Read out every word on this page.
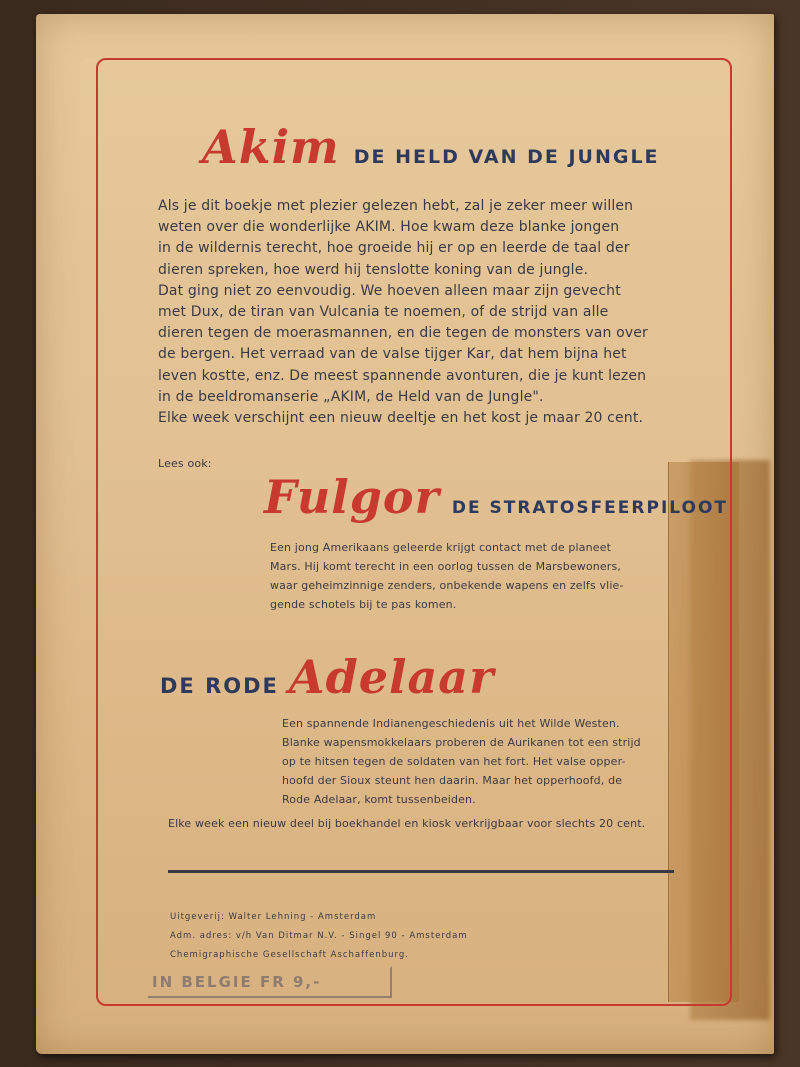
Akim DE HELD VAN DE JUNGLE

Als je dit boekje met plezier gelezen hebt, zal je zeker meer willen

weten over die wonderlijke AKIM. Hoe kwam deze blanke jongen

in de wildernis terecht, hoe groeide hij er op en leerde de taal der

dieren spreken, hoe werd hij tenslotte koning van de jungle.

Dat ging niet zo eenvoudig. We hoeven alleen maar zijn gevecht

met Dux, de tiran van Vulcania te noemen, of de strijd van alle

dieren tegen de moerasmannen, en die tegen de monsters van over

de bergen. Het verraad van de valse tijger Kar, dat hem bijna het

leven kostte, enz. De meest spannende avonturen, die je kunt lezen

in de beeldromanserie „AKIM, de Held van de Jungle".

Elke week verschijnt een nieuw deeltje en het kost je maar 20 cent.

Lees ook:
Fulgor DE STRATOSFEERPILOOT

Een jong Amerikaans geleerde krijgt contact met de planeet

Mars. Hij komt terecht in een oorlog tussen de Marsbewoners,

waar geheimzinnige zenders, onbekende wapens en zelfs vlie-

gende schotels bij te pas komen.

DE RODE Adelaar

Een spannende Indianengeschiedenis uit het Wilde Westen.

Blanke wapensmokkelaars proberen de Aurikanen tot een strijd

op te hitsen tegen de soldaten van het fort. Het valse opper-

hoofd der Sioux steunt hen daarin. Maar het opperhoofd, de

Rode Adelaar, komt tussenbeiden.

Elke week een nieuw deel bij boekhandel en kiosk verkrijgbaar voor slechts 20 cent.
Uitgeverij: Walter Lehning - Amsterdam
Adm. adres: v/h Van Ditmar N.V. - Singel 90 - Amsterdam
Chemigraphische Gesellschaft Aschaffenburg.
IN BELGIE FR 9,-
